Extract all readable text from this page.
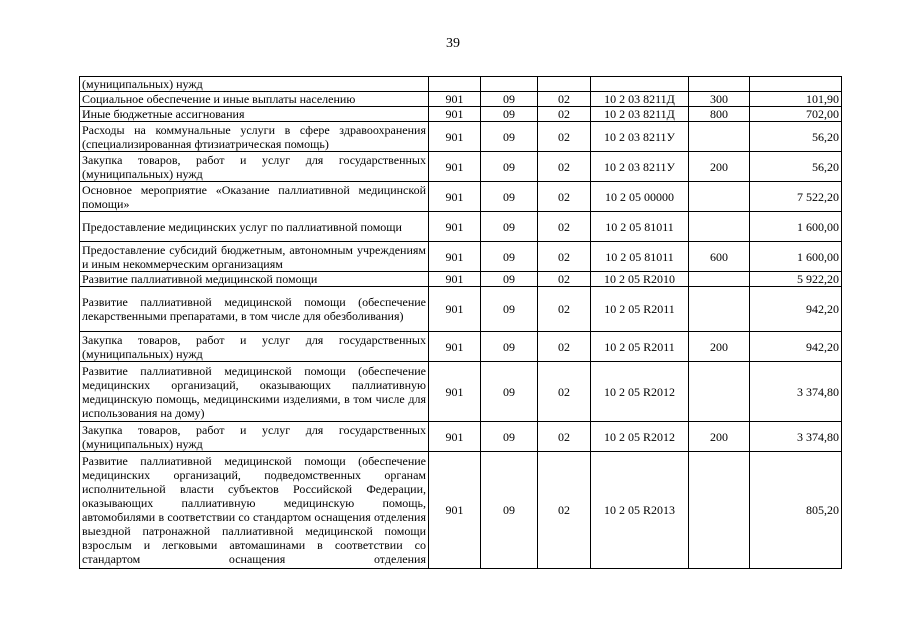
39
(муниципальных) нужд						
Социальное обеспечение и иные выплаты населению	901	09	02	10 2 03 8211Д	300	101,90
Иные бюджетные ассигнования	901	09	02	10 2 03 8211Д	800	702,00
Расходы на коммунальные услуги в сфере здравоохранения (специализированная фтизиатрическая помощь)	901	09	02	10 2 03 8211У		56,20
Закупка товаров, работ и услуг для государственных (муниципальных) нужд	901	09	02	10 2 03 8211У	200	56,20
Основное мероприятие «Оказание паллиативной медицинской помощи»	901	09	02	10 2 05 00000		7 522,20
Предоставление медицинских услуг по паллиативной помощи	901	09	02	10 2 05 81011		1 600,00
Предоставление субсидий бюджетным, автономным учреждениям и иным некоммерческим организациям	901	09	02	10 2 05 81011	600	1 600,00
Развитие паллиативной медицинской помощи	901	09	02	10 2 05 R2010		5 922,20
Развитие паллиативной медицинской помощи (обеспечение лекарственными препаратами, в том числе для обезболивания)	901	09	02	10 2 05 R2011		942,20
Закупка товаров, работ и услуг для государственных (муниципальных) нужд	901	09	02	10 2 05 R2011	200	942,20
Развитие паллиативной медицинской помощи (обеспечение медицинских организаций, оказывающих паллиативную медицинскую помощь, медицинскими изделиями, в том числе для использования на дому)	901	09	02	10 2 05 R2012		3 374,80
Закупка товаров, работ и услуг для государственных (муниципальных) нужд	901	09	02	10 2 05 R2012	200	3 374,80
Развитие паллиативной медицинской помощи (обеспечение медицинских организаций, подведомственных органам исполнительной власти субъектов Российской Федерации, оказывающих паллиативную медицинскую помощь, автомобилями в соответствии со стандартом оснащения отделения выездной патронажной паллиативной медицинской помощи взрослым и легковыми автомашинами в соответствии со стандартом оснащения отделения	901	09	02	10 2 05 R2013		805,20
